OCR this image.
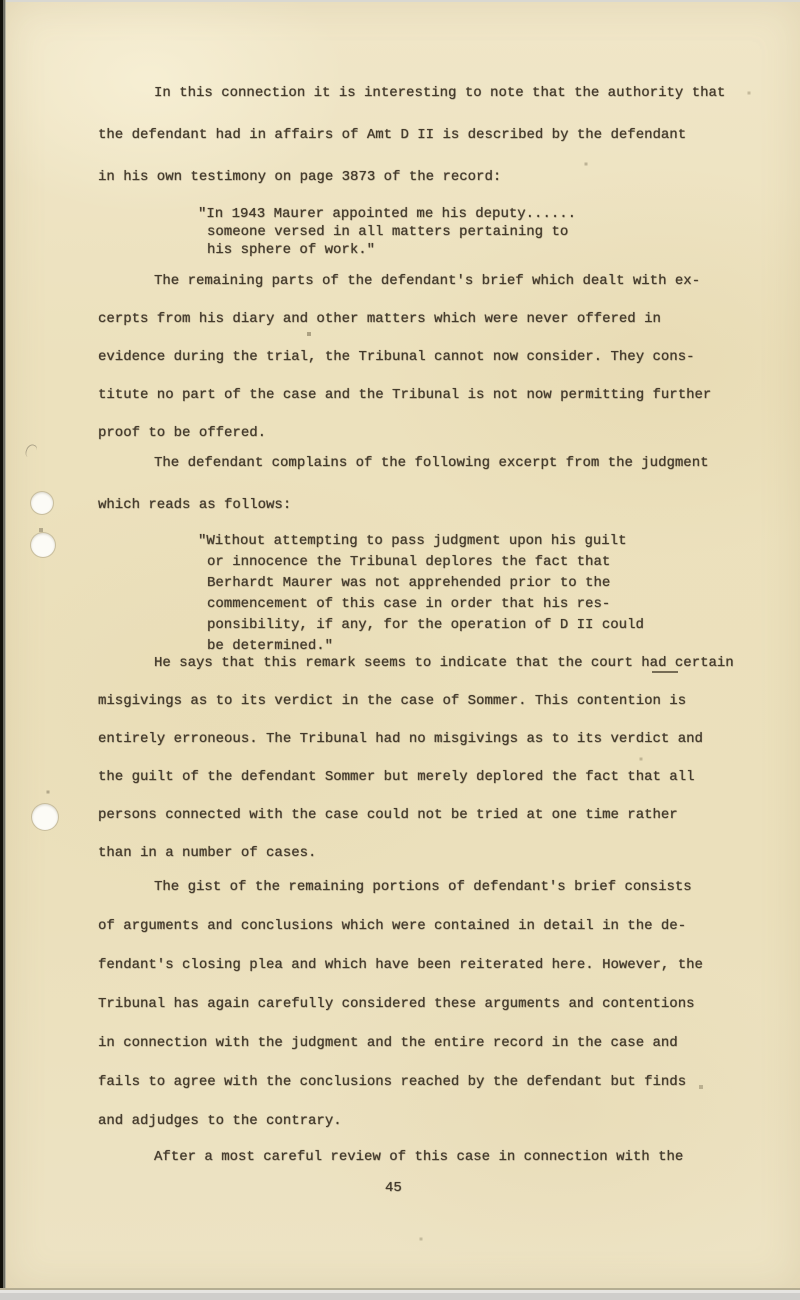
In this connection it is interesting to note that the authority that
the defendant had in affairs of Amt D II is described by the defendant
in his own testimony on page 3873 of the record:
"In 1943 Maurer appointed me his deputy......
someone versed in all matters pertaining to
his sphere of work."
The remaining parts of the defendant's brief which dealt with ex-
cerpts from his diary and other matters which were never offered in
evidence during the trial, the Tribunal cannot now consider. They cons-
titute no part of the case and the Tribunal is not now permitting further
proof to be offered.
The defendant complains of the following excerpt from the judgment
which reads as follows:
"Without attempting to pass judgment upon his guilt
or innocence the Tribunal deplores the fact that
Berhardt Maurer was not apprehended prior to the
commencement of this case in order that his res-
ponsibility, if any, for the operation of D II could
be determined."
He says that this remark seems to indicate that the court had certain
misgivings as to its verdict in the case of Sommer. This contention is
entirely erroneous. The Tribunal had no misgivings as to its verdict and
the guilt of the defendant Sommer but merely deplored the fact that all
persons connected with the case could not be tried at one time rather
than in a number of cases.
The gist of the remaining portions of defendant's brief consists
of arguments and conclusions which were contained in detail in the de-
fendant's closing plea and which have been reiterated here. However, the
Tribunal has again carefully considered these arguments and contentions
in connection with the judgment and the entire record in the case and
fails to agree with the conclusions reached by the defendant but finds
and adjudges to the contrary.
After a most careful review of this case in connection with the
45
